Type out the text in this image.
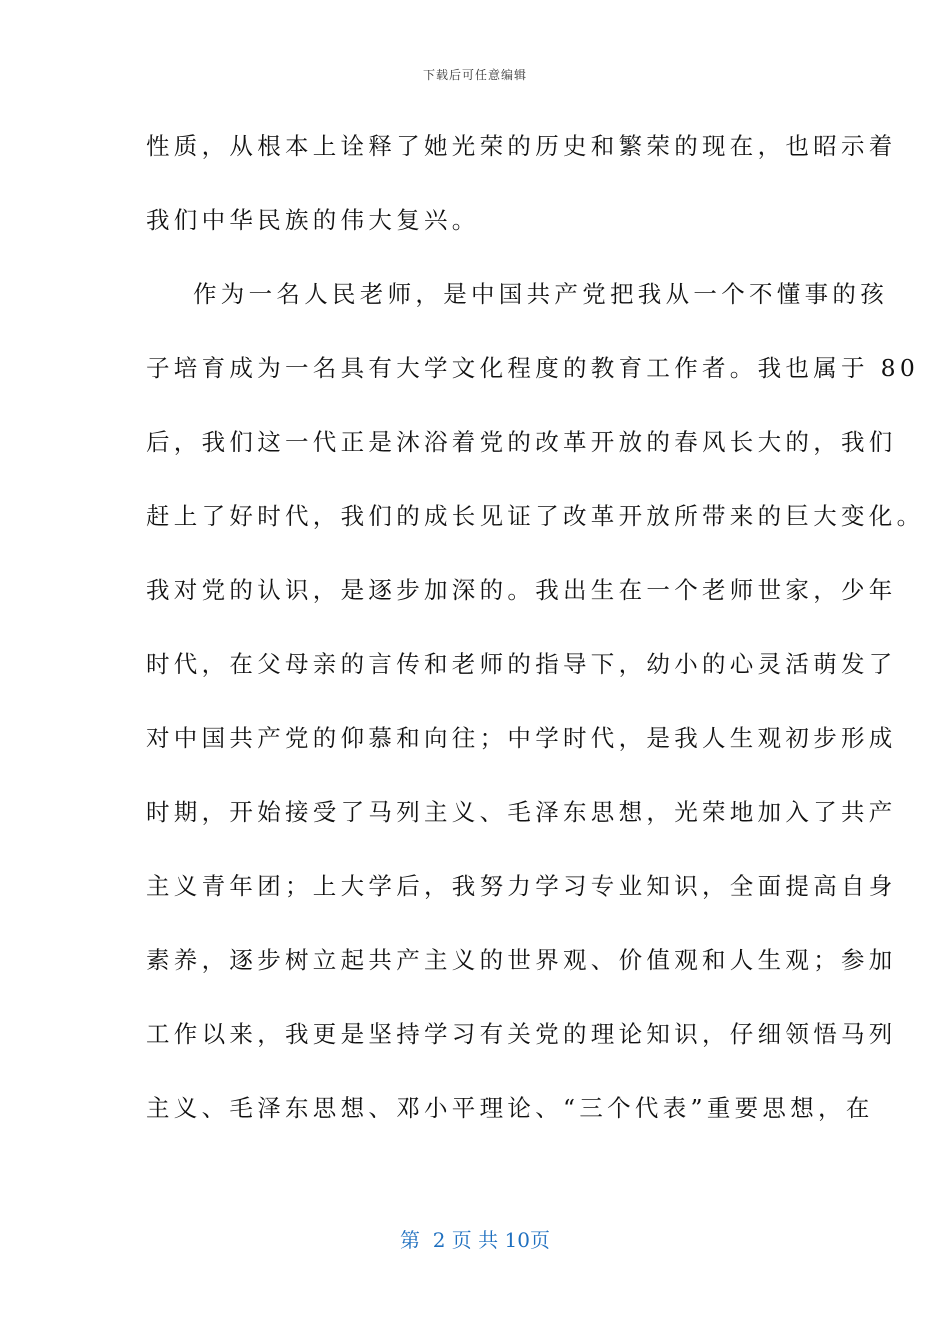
下载后可任意编辑
性质，从根本上诠释了她光荣的历史和繁荣的现在，也昭示着
我们中华民族的伟大复兴。
作为一名人民老师，是中国共产党把我从一个不懂事的孩
子培育成为一名具有大学文化程度的教育工作者。我也属于 80
后，我们这一代正是沐浴着党的改革开放的春风长大的，我们
赶上了好时代，我们的成长见证了改革开放所带来的巨大变化。
我对党的认识，是逐步加深的。我出生在一个老师世家，少年
时代，在父母亲的言传和老师的指导下，幼小的心灵活萌发了
对中国共产党的仰慕和向往；中学时代，是我人生观初步形成
时期，开始接受了马列主义、毛泽东思想，光荣地加入了共产
主义青年团；上大学后，我努力学习专业知识，全面提高自身
素养，逐步树立起共产主义的世界观、价值观和人生观；参加
工作以来，我更是坚持学习有关党的理论知识，仔细领悟马列
主义、毛泽东思想、邓小平理论、“三个代表”重要思想，在
第  2 页 共 10页
